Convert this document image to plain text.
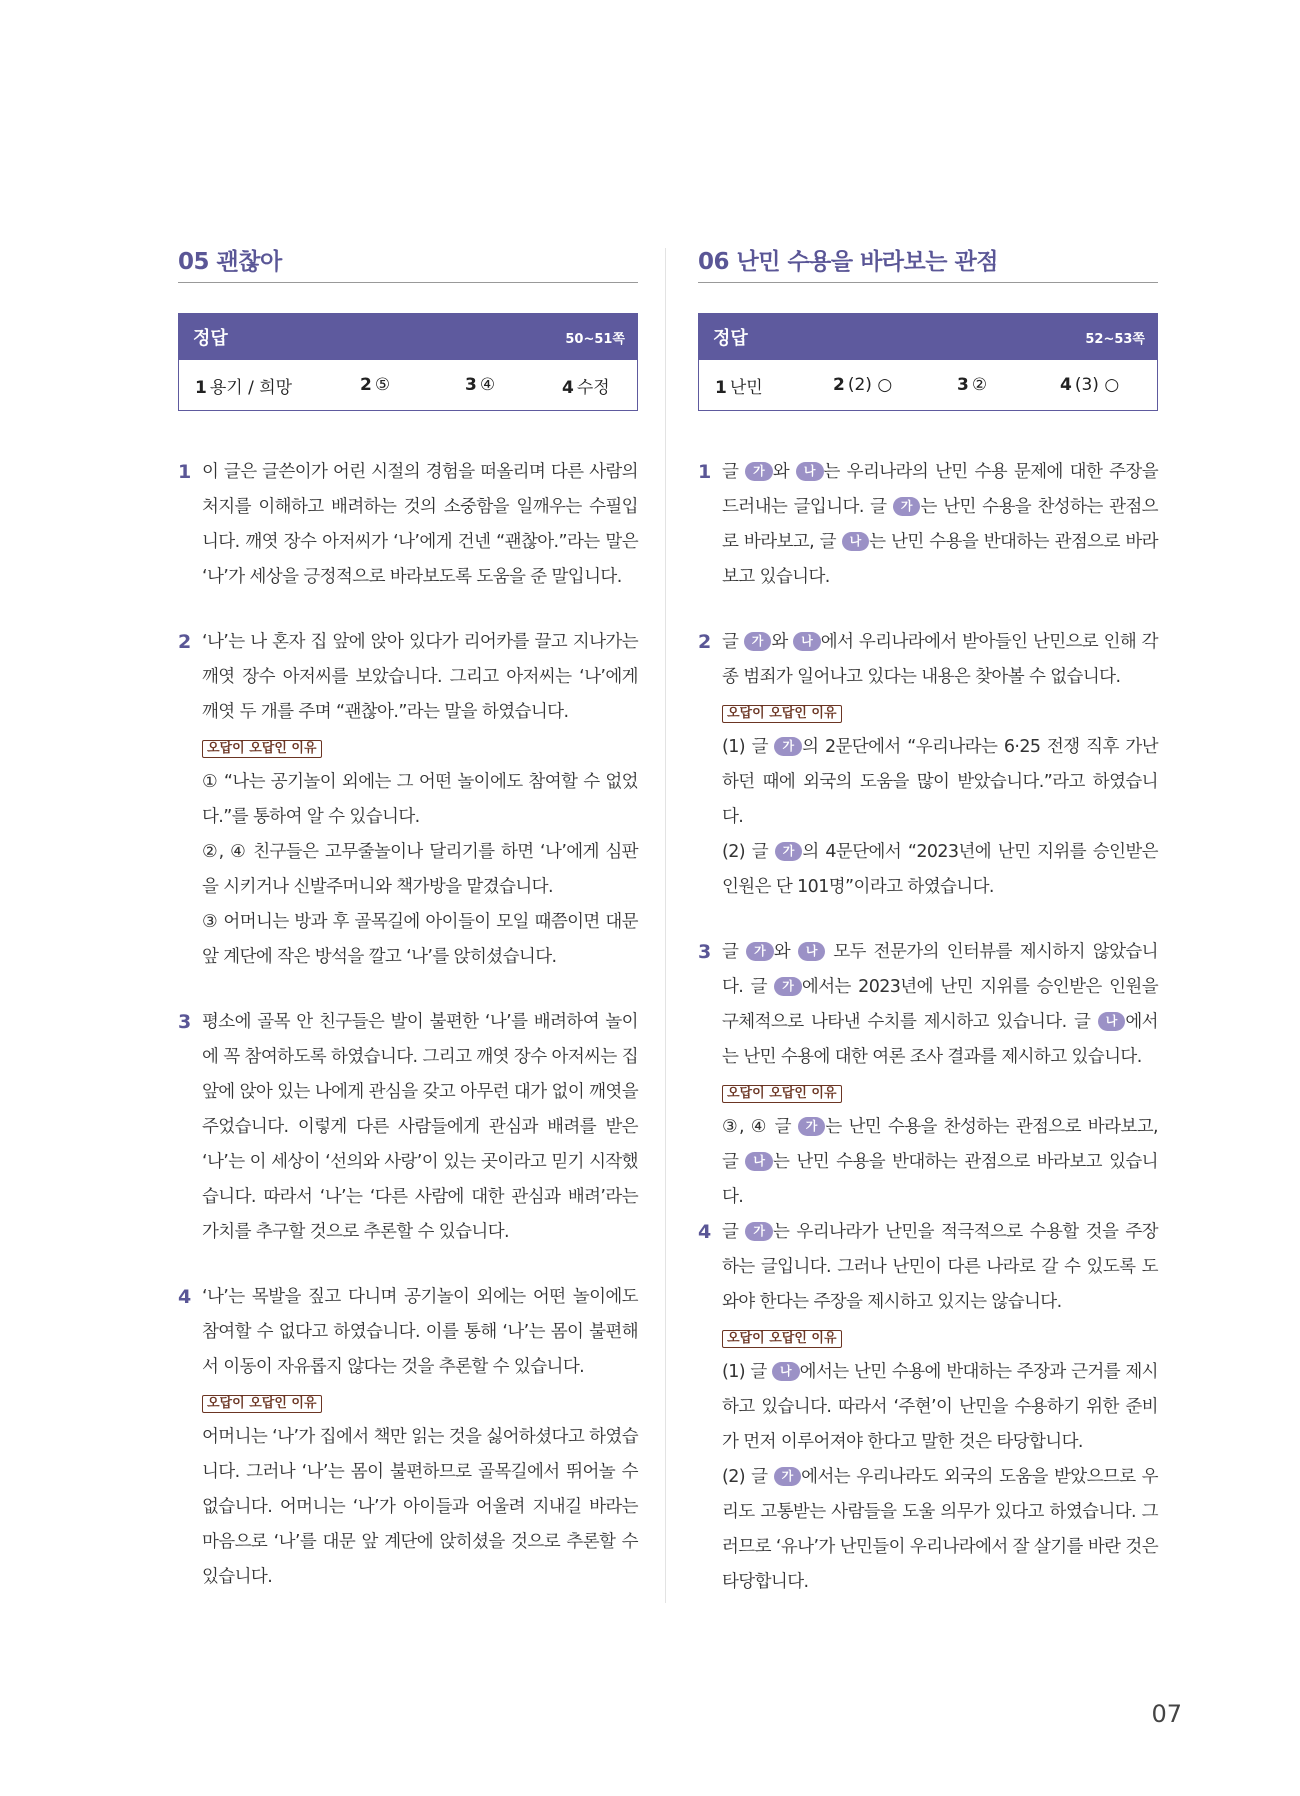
05 괜찮아
정답	50~51쪽
1 용기 / 희망	2 ⑤	3 ④	4 수정
1 이 글은 글쓴이가 어린 시절의 경험을 떠올리며 다른 사람의 처지를 이해하고 배려하는 것의 소중함을 일깨우는 수필입니다. 깨엿 장수 아저씨가 ‘나’에게 건넨 “괜찮아.”라는 말은 ‘나’가 세상을 긍정적으로 바라보도록 도움을 준 말입니다.

2 ‘나’는 나 혼자 집 앞에 앉아 있다가 리어카를 끌고 지나가는 깨엿 장수 아저씨를 보았습니다. 그리고 아저씨는 ‘나’에게 깨엿 두 개를 주며 “괜찮아.”라는 말을 하였습니다.

오답이 오답인 이유

① “나는 공기놀이 외에는 그 어떤 놀이에도 참여할 수 없었다.”를 통하여 알 수 있습니다.

②, ④ 친구들은 고무줄놀이나 달리기를 하면 ‘나’에게 심판을 시키거나 신발주머니와 책가방을 맡겼습니다.

③ 어머니는 방과 후 골목길에 아이들이 모일 때쯤이면 대문 앞 계단에 작은 방석을 깔고 ‘나’를 앉히셨습니다.

3 평소에 골목 안 친구들은 발이 불편한 ‘나’를 배려하여 놀이에 꼭 참여하도록 하였습니다. 그리고 깨엿 장수 아저씨는 집 앞에 앉아 있는 나에게 관심을 갖고 아무런 대가 없이 깨엿을 주었습니다. 이렇게 다른 사람들에게 관심과 배려를 받은 ‘나’는 이 세상이 ‘선의와 사랑’이 있는 곳이라고 믿기 시작했습니다. 따라서 ‘나’는 ‘다른 사람에 대한 관심과 배려’라는 가치를 추구할 것으로 추론할 수 있습니다.

4 ‘나’는 목발을 짚고 다니며 공기놀이 외에는 어떤 놀이에도 참여할 수 없다고 하였습니다. 이를 통해 ‘나’는 몸이 불편해서 이동이 자유롭지 않다는 것을 추론할 수 있습니다.

오답이 오답인 이유

어머니는 ‘나’가 집에서 책만 읽는 것을 싫어하셨다고 하였습니다. 그러나 ‘나’는 몸이 불편하므로 골목길에서 뛰어놀 수 없습니다. 어머니는 ‘나’가 아이들과 어울려 지내길 바라는 마음으로 ‘나’를 대문 앞 계단에 앉히셨을 것으로 추론할 수 있습니다.

06 난민 수용을 바라보는 관점
정답	52~53쪽
1 난민	2 (2) ○	3 ②	4 (3) ○
1 글 가 와 나 는 우리나라의 난민 수용 문제에 대한 주장을 드러내는 글입니다. 글 가 는 난민 수용을 찬성하는 관점으로 바라보고, 글 나 는 난민 수용을 반대하는 관점으로 바라보고 있습니다.

2 글 가 와 나 에서 우리나라에서 받아들인 난민으로 인해 각종 범죄가 일어나고 있다는 내용은 찾아볼 수 없습니다.

오답이 오답인 이유

(1) 글 가 의 2문단에서 “우리나라는 6·25 전쟁 직후 가난하던 때에 외국의 도움을 많이 받았습니다.”라고 하였습니다.

(2) 글 가 의 4문단에서 “2023년에 난민 지위를 승인받은 인원은 단 101명”이라고 하였습니다.

3 글 가 와 나 모두 전문가의 인터뷰를 제시하지 않았습니다. 글 가 에서는 2023년에 난민 지위를 승인받은 인원을 구체적으로 나타낸 수치를 제시하고 있습니다. 글 나 에서는 난민 수용에 대한 여론 조사 결과를 제시하고 있습니다.

오답이 오답인 이유

③, ④ 글 가 는 난민 수용을 찬성하는 관점으로 바라보고, 글 나 는 난민 수용을 반대하는 관점으로 바라보고 있습니다.

4 글 가 는 우리나라가 난민을 적극적으로 수용할 것을 주장하는 글입니다. 그러나 난민이 다른 나라로 갈 수 있도록 도와야 한다는 주장을 제시하고 있지는 않습니다.

오답이 오답인 이유

(1) 글 나 에서는 난민 수용에 반대하는 주장과 근거를 제시하고 있습니다. 따라서 ‘주현’이 난민을 수용하기 위한 준비가 먼저 이루어져야 한다고 말한 것은 타당합니다.

(2) 글 가 에서는 우리나라도 외국의 도움을 받았으므로 우리도 고통받는 사람들을 도울 의무가 있다고 하였습니다. 그러므로 ‘유나’가 난민들이 우리나라에서 잘 살기를 바란 것은 타당합니다.

07
